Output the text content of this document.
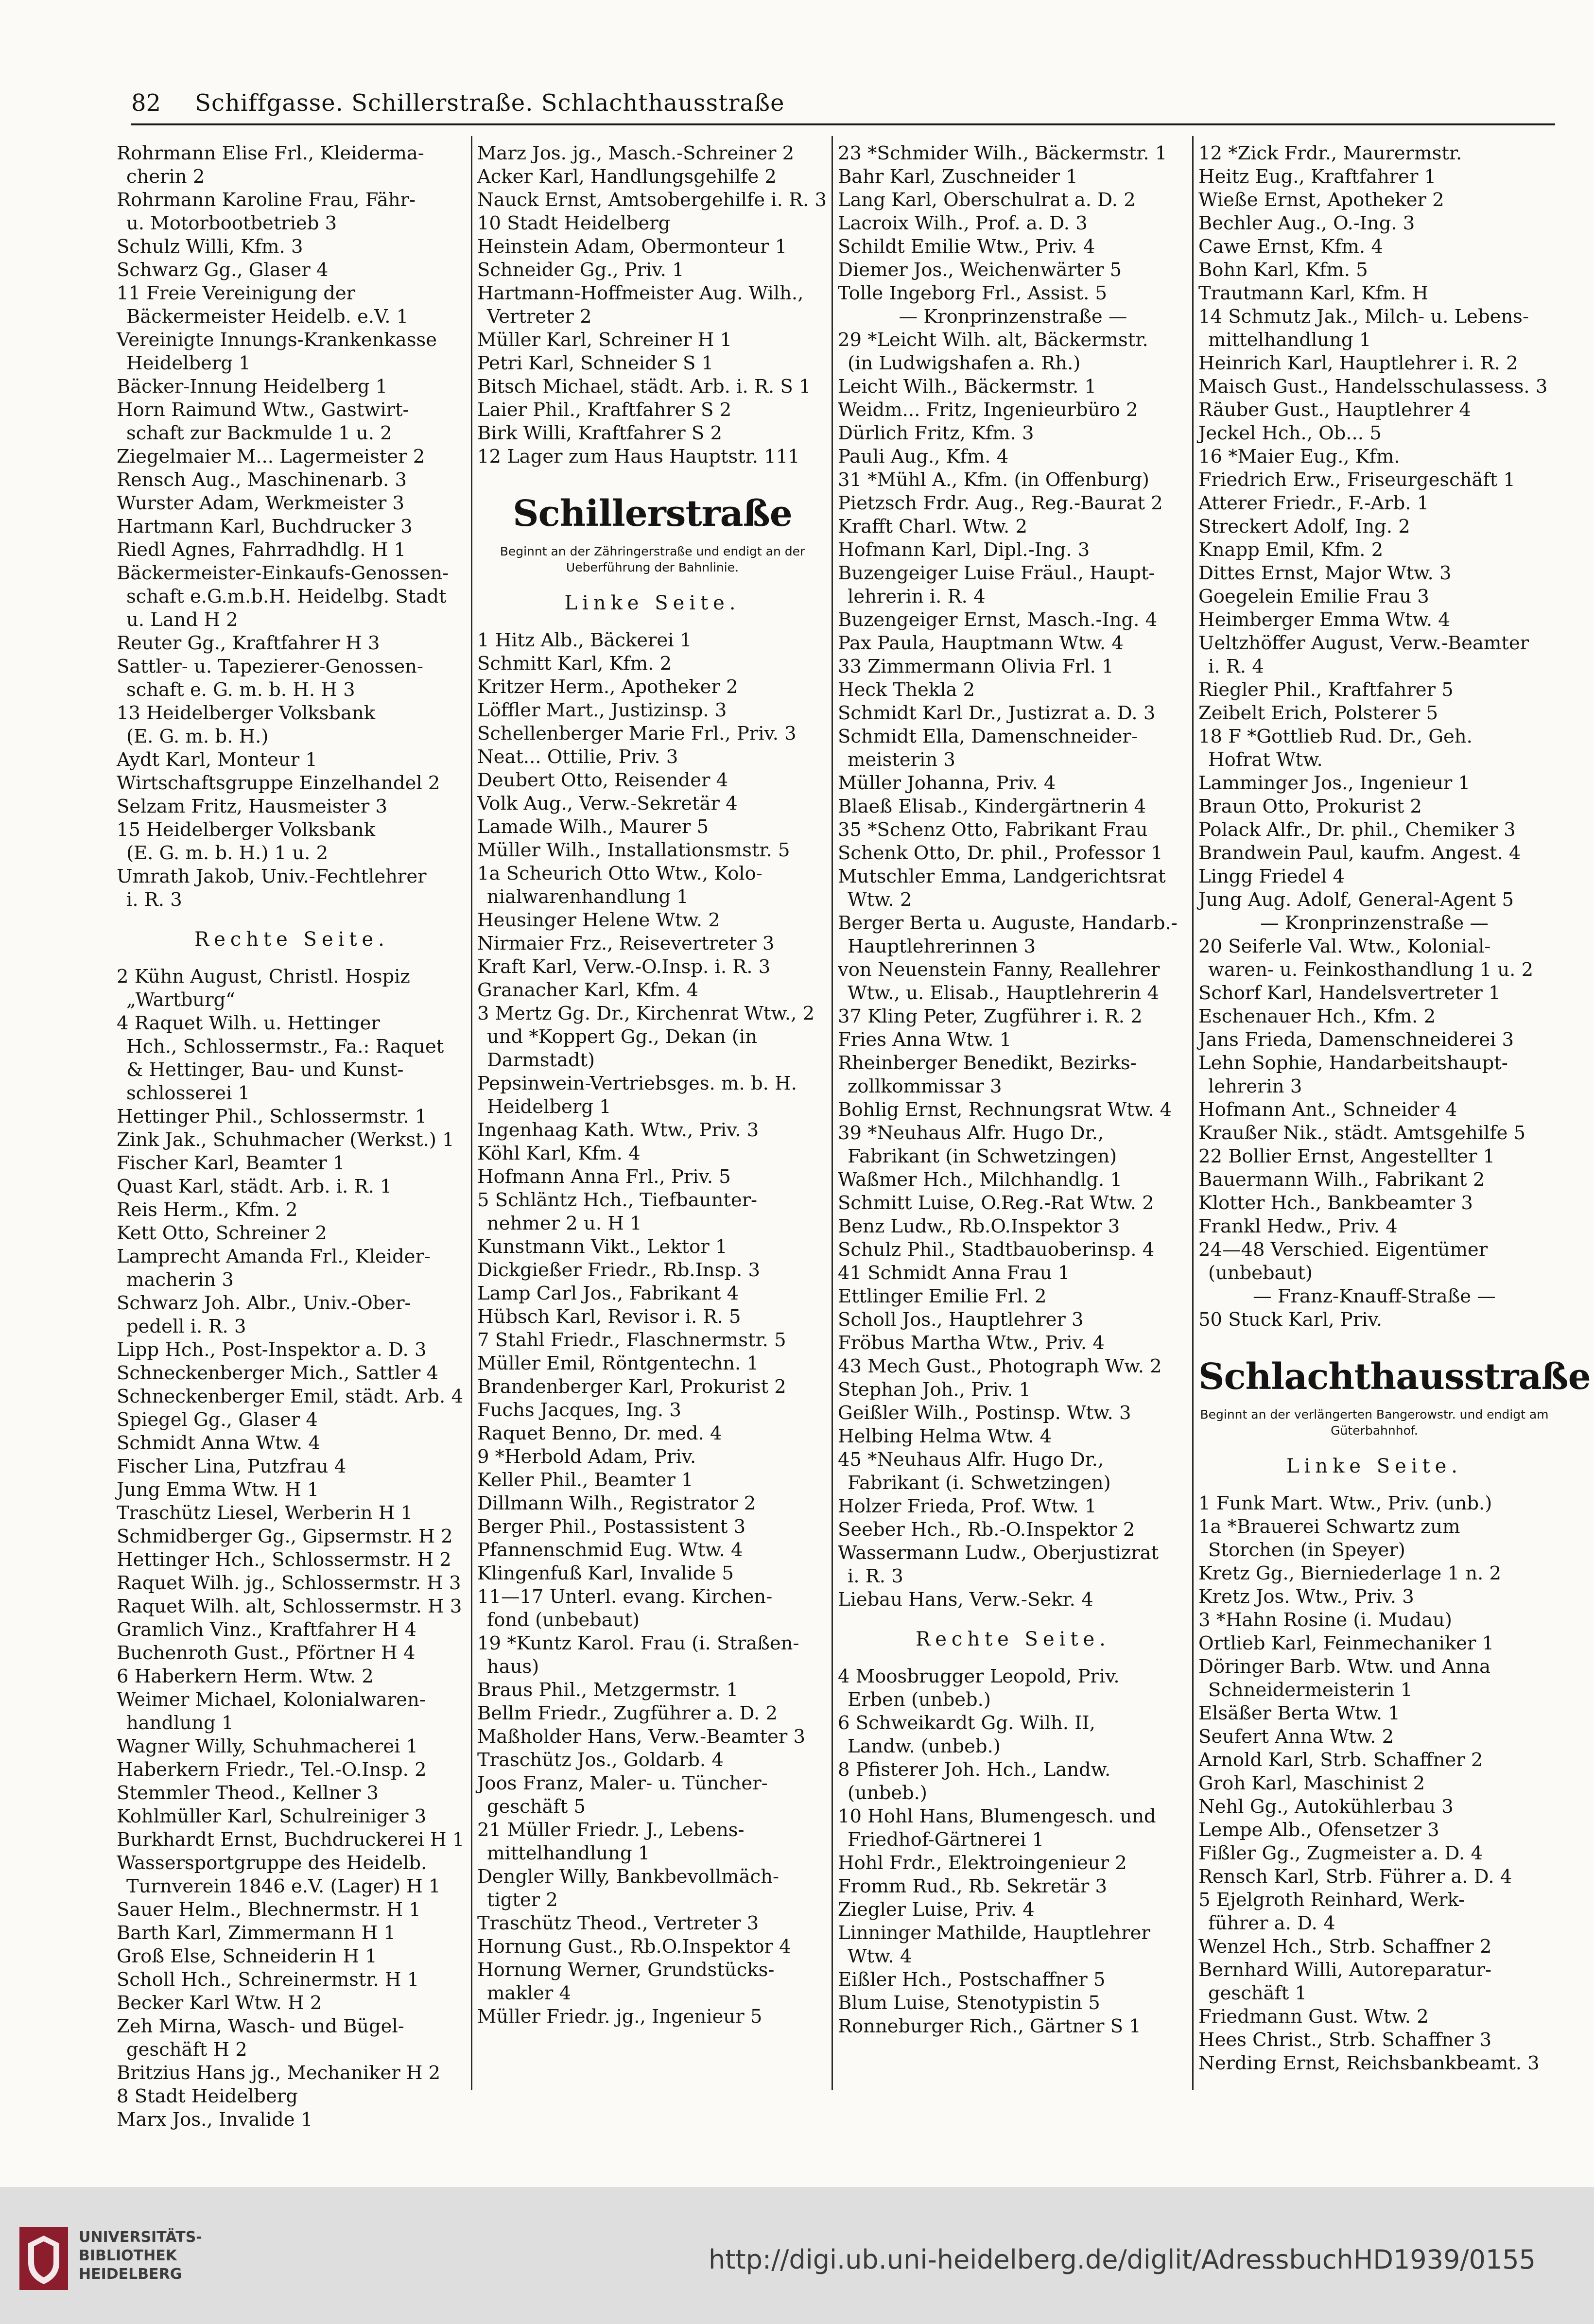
82 Schiffgasse. Schillerstraße. Schlachthausstraße
Rohrmann Elise Frl., Kleiderma-
cherin 2
Rohrmann Karoline Frau, Fähr-
u. Motorbootbetrieb 3
Schulz Willi, Kfm. 3
Schwarz Gg., Glaser 4
11 Freie Vereinigung der
Bäckermeister Heidelb. e.V. 1
Vereinigte Innungs-Krankenkasse
Heidelberg 1
Bäcker-Innung Heidelberg 1
Horn Raimund Wtw., Gastwirt-
schaft zur Backmulde 1 u. 2
Ziegelmaier M... Lagermeister 2
Rensch Aug., Maschinenarb. 3
Wurster Adam, Werkmeister 3
Hartmann Karl, Buchdrucker 3
Riedl Agnes, Fahrradhdlg. H 1
Bäckermeister-Einkaufs-Genossen-
schaft e.G.m.b.H. Heidelbg. Stadt
u. Land H 2
Reuter Gg., Kraftfahrer H 3
Sattler- u. Tapezierer-Genossen-
schaft e. G. m. b. H. H 3
13 Heidelberger Volksbank
(E. G. m. b. H.)
Aydt Karl, Monteur 1
Wirtschaftsgruppe Einzelhandel 2
Selzam Fritz, Hausmeister 3
15 Heidelberger Volksbank
(E. G. m. b. H.) 1 u. 2
Umrath Jakob, Univ.-Fechtlehrer
i. R. 3
Rechte Seite.
2 Kühn August, Christl. Hospiz
„Wartburg“
4 Raquet Wilh. u. Hettinger
Hch., Schlossermstr., Fa.: Raquet
& Hettinger, Bau- und Kunst-
schlosserei 1
Hettinger Phil., Schlossermstr. 1
Zink Jak., Schuhmacher (Werkst.) 1
Fischer Karl, Beamter 1
Quast Karl, städt. Arb. i. R. 1
Reis Herm., Kfm. 2
Kett Otto, Schreiner 2
Lamprecht Amanda Frl., Kleider-
macherin 3
Schwarz Joh. Albr., Univ.-Ober-
pedell i. R. 3
Lipp Hch., Post-Inspektor a. D. 3
Schneckenberger Mich., Sattler 4
Schneckenberger Emil, städt. Arb. 4
Spiegel Gg., Glaser 4
Schmidt Anna Wtw. 4
Fischer Lina, Putzfrau 4
Jung Emma Wtw. H 1
Traschütz Liesel, Werberin H 1
Schmidberger Gg., Gipsermstr. H 2
Hettinger Hch., Schlossermstr. H 2
Raquet Wilh. jg., Schlossermstr. H 3
Raquet Wilh. alt, Schlossermstr. H 3
Gramlich Vinz., Kraftfahrer H 4
Buchenroth Gust., Pförtner H 4
6 Haberkern Herm. Wtw. 2
Weimer Michael, Kolonialwaren-
handlung 1
Wagner Willy, Schuhmacherei 1
Haberkern Friedr., Tel.-O.Insp. 2
Stemmler Theod., Kellner 3
Kohlmüller Karl, Schulreiniger 3
Burkhardt Ernst, Buchdruckerei H 1
Wassersportgruppe des Heidelb.
Turnverein 1846 e.V. (Lager) H 1
Sauer Helm., Blechnermstr. H 1
Barth Karl, Zimmermann H 1
Groß Else, Schneiderin H 1
Scholl Hch., Schreinermstr. H 1
Becker Karl Wtw. H 2
Zeh Mirna, Wasch- und Bügel-
geschäft H 2
Britzius Hans jg., Mechaniker H 2
8 Stadt Heidelberg
Marx Jos., Invalide 1
Marz Jos. jg., Masch.-Schreiner 2
Acker Karl, Handlungsgehilfe 2
Nauck Ernst, Amtsobergehilfe i. R. 3
10 Stadt Heidelberg
Heinstein Adam, Obermonteur 1
Schneider Gg., Priv. 1
Hartmann-Hoffmeister Aug. Wilh.,
Vertreter 2
Müller Karl, Schreiner H 1
Petri Karl, Schneider S 1
Bitsch Michael, städt. Arb. i. R. S 1
Laier Phil., Kraftfahrer S 2
Birk Willi, Kraftfahrer S 2
12 Lager zum Haus Hauptstr. 111
Schillerstraße
Beginnt an der Zähringerstraße und endigt an der Ueberführung der Bahnlinie.
Linke Seite.
1 Hitz Alb., Bäckerei 1
Schmitt Karl, Kfm. 2
Kritzer Herm., Apotheker 2
Löffler Mart., Justizinsp. 3
Schellenberger Marie Frl., Priv. 3
Neat... Ottilie, Priv. 3
Deubert Otto, Reisender 4
Volk Aug., Verw.-Sekretär 4
Lamade Wilh., Maurer 5
Müller Wilh., Installationsmstr. 5
1a Scheurich Otto Wtw., Kolo-
nialwarenhandlung 1
Heusinger Helene Wtw. 2
Nirmaier Frz., Reisevertreter 3
Kraft Karl, Verw.-O.Insp. i. R. 3
Granacher Karl, Kfm. 4
3 Mertz Gg. Dr., Kirchenrat Wtw., 2
und *Koppert Gg., Dekan (in
Darmstadt)
Pepsinwein-Vertriebsges. m. b. H.
Heidelberg 1
Ingenhaag Kath. Wtw., Priv. 3
Köhl Karl, Kfm. 4
Hofmann Anna Frl., Priv. 5
5 Schläntz Hch., Tiefbaunter-
nehmer 2 u. H 1
Kunstmann Vikt., Lektor 1
Dickgießer Friedr., Rb.Insp. 3
Lamp Carl Jos., Fabrikant 4
Hübsch Karl, Revisor i. R. 5
7 Stahl Friedr., Flaschnermstr. 5
Müller Emil, Röntgentechn. 1
Brandenberger Karl, Prokurist 2
Fuchs Jacques, Ing. 3
Raquet Benno, Dr. med. 4
9 *Herbold Adam, Priv.
Keller Phil., Beamter 1
Dillmann Wilh., Registrator 2
Berger Phil., Postassistent 3
Pfannenschmid Eug. Wtw. 4
Klingenfuß Karl, Invalide 5
11—17 Unterl. evang. Kirchen-
fond (unbebaut)
19 *Kuntz Karol. Frau (i. Straßen-
haus)
Braus Phil., Metzgermstr. 1
Bellm Friedr., Zugführer a. D. 2
Maßholder Hans, Verw.-Beamter 3
Traschütz Jos., Goldarb. 4
Joos Franz, Maler- u. Tüncher-
geschäft 5
21 Müller Friedr. J., Lebens-
mittelhandlung 1
Dengler Willy, Bankbevollmäch-
tigter 2
Traschütz Theod., Vertreter 3
Hornung Gust., Rb.O.Inspektor 4
Hornung Werner, Grundstücks-
makler 4
Müller Friedr. jg., Ingenieur 5
23 *Schmider Wilh., Bäckermstr. 1
Bahr Karl, Zuschneider 1
Lang Karl, Oberschulrat a. D. 2
Lacroix Wilh., Prof. a. D. 3
Schildt Emilie Wtw., Priv. 4
Diemer Jos., Weichenwärter 5
Tolle Ingeborg Frl., Assist. 5
— Kronprinzenstraße —
29 *Leicht Wilh. alt, Bäckermstr.
(in Ludwigshafen a. Rh.)
Leicht Wilh., Bäckermstr. 1
Weidm... Fritz, Ingenieurbüro 2
Dürlich Fritz, Kfm. 3
Pauli Aug., Kfm. 4
31 *Mühl A., Kfm. (in Offenburg)
Pietzsch Frdr. Aug., Reg.-Baurat 2
Krafft Charl. Wtw. 2
Hofmann Karl, Dipl.-Ing. 3
Buzengeiger Luise Fräul., Haupt-
lehrerin i. R. 4
Buzengeiger Ernst, Masch.-Ing. 4
Pax Paula, Hauptmann Wtw. 4
33 Zimmermann Olivia Frl. 1
Heck Thekla 2
Schmidt Karl Dr., Justizrat a. D. 3
Schmidt Ella, Damenschneider-
meisterin 3
Müller Johanna, Priv. 4
Blaeß Elisab., Kindergärtnerin 4
35 *Schenz Otto, Fabrikant Frau
Schenk Otto, Dr. phil., Professor 1
Mutschler Emma, Landgerichtsrat
Wtw. 2
Berger Berta u. Auguste, Handarb.-
Hauptlehrerinnen 3
von Neuenstein Fanny, Reallehrer
Wtw., u. Elisab., Hauptlehrerin 4
37 Kling Peter, Zugführer i. R. 2
Fries Anna Wtw. 1
Rheinberger Benedikt, Bezirks-
zollkommissar 3
Bohlig Ernst, Rechnungsrat Wtw. 4
39 *Neuhaus Alfr. Hugo Dr.,
Fabrikant (in Schwetzingen)
Waßmer Hch., Milchhandlg. 1
Schmitt Luise, O.Reg.-Rat Wtw. 2
Benz Ludw., Rb.O.Inspektor 3
Schulz Phil., Stadtbauoberinsp. 4
41 Schmidt Anna Frau 1
Ettlinger Emilie Frl. 2
Scholl Jos., Hauptlehrer 3
Fröbus Martha Wtw., Priv. 4
43 Mech Gust., Photograph Ww. 2
Stephan Joh., Priv. 1
Geißler Wilh., Postinsp. Wtw. 3
Helbing Helma Wtw. 4
45 *Neuhaus Alfr. Hugo Dr.,
Fabrikant (i. Schwetzingen)
Holzer Frieda, Prof. Wtw. 1
Seeber Hch., Rb.-O.Inspektor 2
Wassermann Ludw., Oberjustizrat
i. R. 3
Liebau Hans, Verw.-Sekr. 4
Rechte Seite.
4 Moosbrugger Leopold, Priv.
Erben (unbeb.)
6 Schweikardt Gg. Wilh. II,
Landw. (unbeb.)
8 Pfisterer Joh. Hch., Landw.
(unbeb.)
10 Hohl Hans, Blumengesch. und
Friedhof-Gärtnerei 1
Hohl Frdr., Elektroingenieur 2
Fromm Rud., Rb. Sekretär 3
Ziegler Luise, Priv. 4
Linninger Mathilde, Hauptlehrer
Wtw. 4
Eißler Hch., Postschaffner 5
Blum Luise, Stenotypistin 5
Ronneburger Rich., Gärtner S 1
12 *Zick Frdr., Maurermstr.
Heitz Eug., Kraftfahrer 1
Wieße Ernst, Apotheker 2
Bechler Aug., O.-Ing. 3
Cawe Ernst, Kfm. 4
Bohn Karl, Kfm. 5
Trautmann Karl, Kfm. H
14 Schmutz Jak., Milch- u. Lebens-
mittelhandlung 1
Heinrich Karl, Hauptlehrer i. R. 2
Maisch Gust., Handelsschulassess. 3
Räuber Gust., Hauptlehrer 4
Jeckel Hch., Ob... 5
16 *Maier Eug., Kfm.
Friedrich Erw., Friseurgeschäft 1
Atterer Friedr., F.-Arb. 1
Streckert Adolf, Ing. 2
Knapp Emil, Kfm. 2
Dittes Ernst, Major Wtw. 3
Goegelein Emilie Frau 3
Heimberger Emma Wtw. 4
Ueltzhöffer August, Verw.-Beamter
i. R. 4
Riegler Phil., Kraftfahrer 5
Zeibelt Erich, Polsterer 5
18 F *Gottlieb Rud. Dr., Geh.
Hofrat Wtw.
Lamminger Jos., Ingenieur 1
Braun Otto, Prokurist 2
Polack Alfr., Dr. phil., Chemiker 3
Brandwein Paul, kaufm. Angest. 4
Lingg Friedel 4
Jung Aug. Adolf, General-Agent 5
— Kronprinzenstraße —
20 Seiferle Val. Wtw., Kolonial-
waren- u. Feinkosthandlung 1 u. 2
Schorf Karl, Handelsvertreter 1
Eschenauer Hch., Kfm. 2
Jans Frieda, Damenschneiderei 3
Lehn Sophie, Handarbeitshaupt-
lehrerin 3
Hofmann Ant., Schneider 4
Kraußer Nik., städt. Amtsgehilfe 5
22 Bollier Ernst, Angestellter 1
Bauermann Wilh., Fabrikant 2
Klotter Hch., Bankbeamter 3
Frankl Hedw., Priv. 4
24—48 Verschied. Eigentümer
(unbebaut)
— Franz-Knauff-Straße —
50 Stuck Karl, Priv.
Schlachthausstraße
Beginnt an der verlängerten Bangerowstr. und endigt am Güterbahnhof.
Linke Seite.
1 Funk Mart. Wtw., Priv. (unb.)
1a *Brauerei Schwartz zum
Storchen (in Speyer)
Kretz Gg., Bierniederlage 1 n. 2
Kretz Jos. Wtw., Priv. 3
3 *Hahn Rosine (i. Mudau)
Ortlieb Karl, Feinmechaniker 1
Döringer Barb. Wtw. und Anna
Schneidermeisterin 1
Elsäßer Berta Wtw. 1
Seufert Anna Wtw. 2
Arnold Karl, Strb. Schaffner 2
Groh Karl, Maschinist 2
Nehl Gg., Autokühlerbau 3
Lempe Alb., Ofensetzer 3
Fißler Gg., Zugmeister a. D. 4
Rensch Karl, Strb. Führer a. D. 4
5 Ejelgroth Reinhard, Werk-
führer a. D. 4
Wenzel Hch., Strb. Schaffner 2
Bernhard Willi, Autoreparatur-
geschäft 1
Friedmann Gust. Wtw. 2
Hees Christ., Strb. Schaffner 3
Nerding Ernst, Reichsbankbeamt. 3
UNIVERSITÄTS-
BIBLIOTHEK
HEIDELBERG	http://digi.ub.uni-heidelberg.de/diglit/AdressbuchHD1939/0155
